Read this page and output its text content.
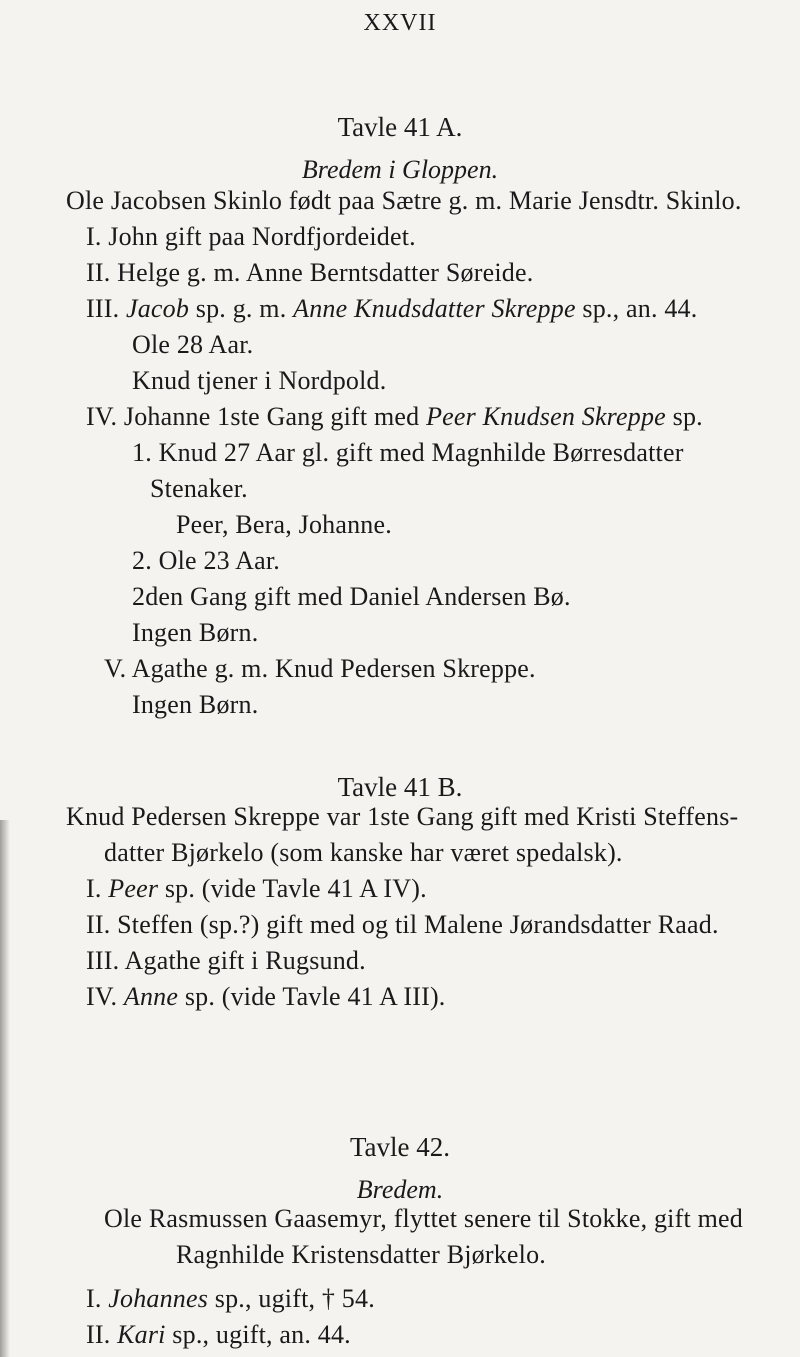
XXVII
Tavle 41 A.
Bredem i Gloppen.
Tavle 41 B.
Tavle 42.
Bredem.
Ole Jacobsen Skinlo født paa Sætre g. m. Marie Jensdtr. Skinlo.
I. John gift paa Nordfjordeidet.
II. Helge g. m. Anne Berntsdatter Søreide.
III. Jacob sp. g. m. Anne Knudsdatter Skreppe sp., an. 44.
Ole 28 Aar.
Knud tjener i Nordpold.
IV. Johanne 1ste Gang gift med Peer Knudsen Skreppe sp.
1. Knud 27 Aar gl. gift med Magnhilde Børresdatter
Stenaker.
Peer, Bera, Johanne.
2. Ole 23 Aar.
2den Gang gift med Daniel Andersen Bø.
Ingen Børn.
V. Agathe g. m. Knud Pedersen Skreppe.
Ingen Børn.
Knud Pedersen Skreppe var 1ste Gang gift med Kristi Steffens-
datter Bjørkelo (som kanske har været spedalsk).
I. Peer sp. (vide Tavle 41 A IV).
II. Steffen (sp.?) gift med og til Malene Jørandsdatter Raad.
III. Agathe gift i Rugsund.
IV. Anne sp. (vide Tavle 41 A III).
Ole Rasmussen Gaasemyr, flyttet senere til Stokke, gift med
Ragnhilde Kristensdatter Bjørkelo.
I. Johannes sp., ugift, † 54.
II. Kari sp., ugift, an. 44.
